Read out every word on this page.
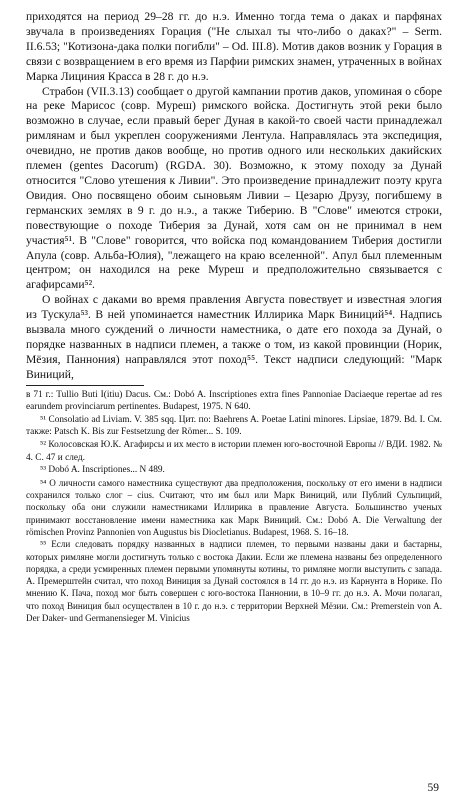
приходятся на период 29–28 гг. до н.э. Именно тогда тема о даках и парфянах звучала в произведениях Горация ("Не слыхал ты что-либо о даках?" – Serm. II.6.53; "Котизона-дака полки погибли" – Od. III.8). Мотив даков возник у Горация в связи с возвращением в его время из Парфии римских знамен, утраченных в войнах Марка Лициния Красса в 28 г. до н.э.

Страбон (VII.3.13) сообщает о другой кампании против даков, упоминая о сборе на реке Марисос (совр. Муреш) римского войска. Достигнуть этой реки было возможно в случае, если правый берег Дуная в какой-то своей части принадлежал римлянам и был укреплен сооружениями Лентула. Направлялась эта экспедиция, очевидно, не против даков вообще, но против одного или нескольких дакийских племен (gentes Dacorum) (RGDA. 30). Возможно, к этому походу за Дунай относится "Слово утешения к Ливии". Это произведение принадлежит поэту круга Овидия. Оно посвящено обоим сыновьям Ливии – Цезарю Друзу, погибшему в германских землях в 9 г. до н.э., а также Тиберию. В "Слове" имеются строки, повествующие о походе Тиберия за Дунай, хотя сам он не принимал в нем участия⁵¹. В "Слове" говорится, что войска под командованием Тиберия достигли Апула (совр. Альба-Юлия), "лежащего на краю вселенной". Апул был племенным центром; он находился на реке Муреш и предположительно связывается с агафирсами⁵².

О войнах с даками во время правления Августа повествует и известная элогия из Тускула⁵³. В ней упоминается наместник Иллирика Марк Виниций⁵⁴. Надпись вызвала много суждений о личности наместника, о дате его похода за Дунай, о порядке названных в надписи племен, а также о том, из какой провинции (Норик, Мёзия, Паннония) направлялся этот поход⁵⁵. Текст надписи следующий: "Марк Виниций,

в 71 г.: Tullio Buti I(itiu) Dacus. См.: Dobó A. Inscriptiones extra fines Pannoniae Daciaeque repertae ad res earundem provinciarum pertinentes. Budapest, 1975. N 640.

⁵¹ Consolatio ad Liviam. V. 385 sqq. Цит. по: Baehrens A. Poetae Latini minores. Lipsiae, 1879. Bd. I. См. также: Patsch K. Bis zur Festsetzung der Römer... S. 109.

⁵² Колосовская Ю.К. Агафирсы и их место в истории племен юго-восточной Европы // ВДИ. 1982. № 4. С. 47 и след.

⁵³ Dobó A. Inscriptiones... N 489.

⁵⁴ О личности самого наместника существуют два предположения, поскольку от его имени в надписи сохранился только слог – cius. Считают, что им был или Марк Виниций, или Публий Сульпиций, поскольку оба они служили наместниками Иллирика в правление Августа. Большинство ученых принимают восстановление имени наместника как Марк Виниций. См.: Dobó A. Die Verwaltung der römischen Provinz Pannonien von Augustus bis Diocletianus. Budapest, 1968. S. 16–18.

⁵⁵ Если следовать порядку названных в надписи племен, то первыми названы даки и бастарны, которых римляне могли достигнуть только с востока Дакии. Если же племена названы без определенного порядка, а среди усмиренных племен первыми упомянуты котины, то римляне могли выступить с запада. А. Премерштейн считал, что поход Виниция за Дунай состоялся в 14 гг. до н.э. из Карнунта в Норике. По мнению К. Пача, поход мог быть совершен с юго-востока Паннонии, в 10–9 гг. до н.э. А. Мочи полагал, что поход Виниция был осуществлен в 10 г. до н.э. с территории Верхней Мёзии. См.: Premerstein von A. Der Daker- und Germanensieger M. Vinicius

59
